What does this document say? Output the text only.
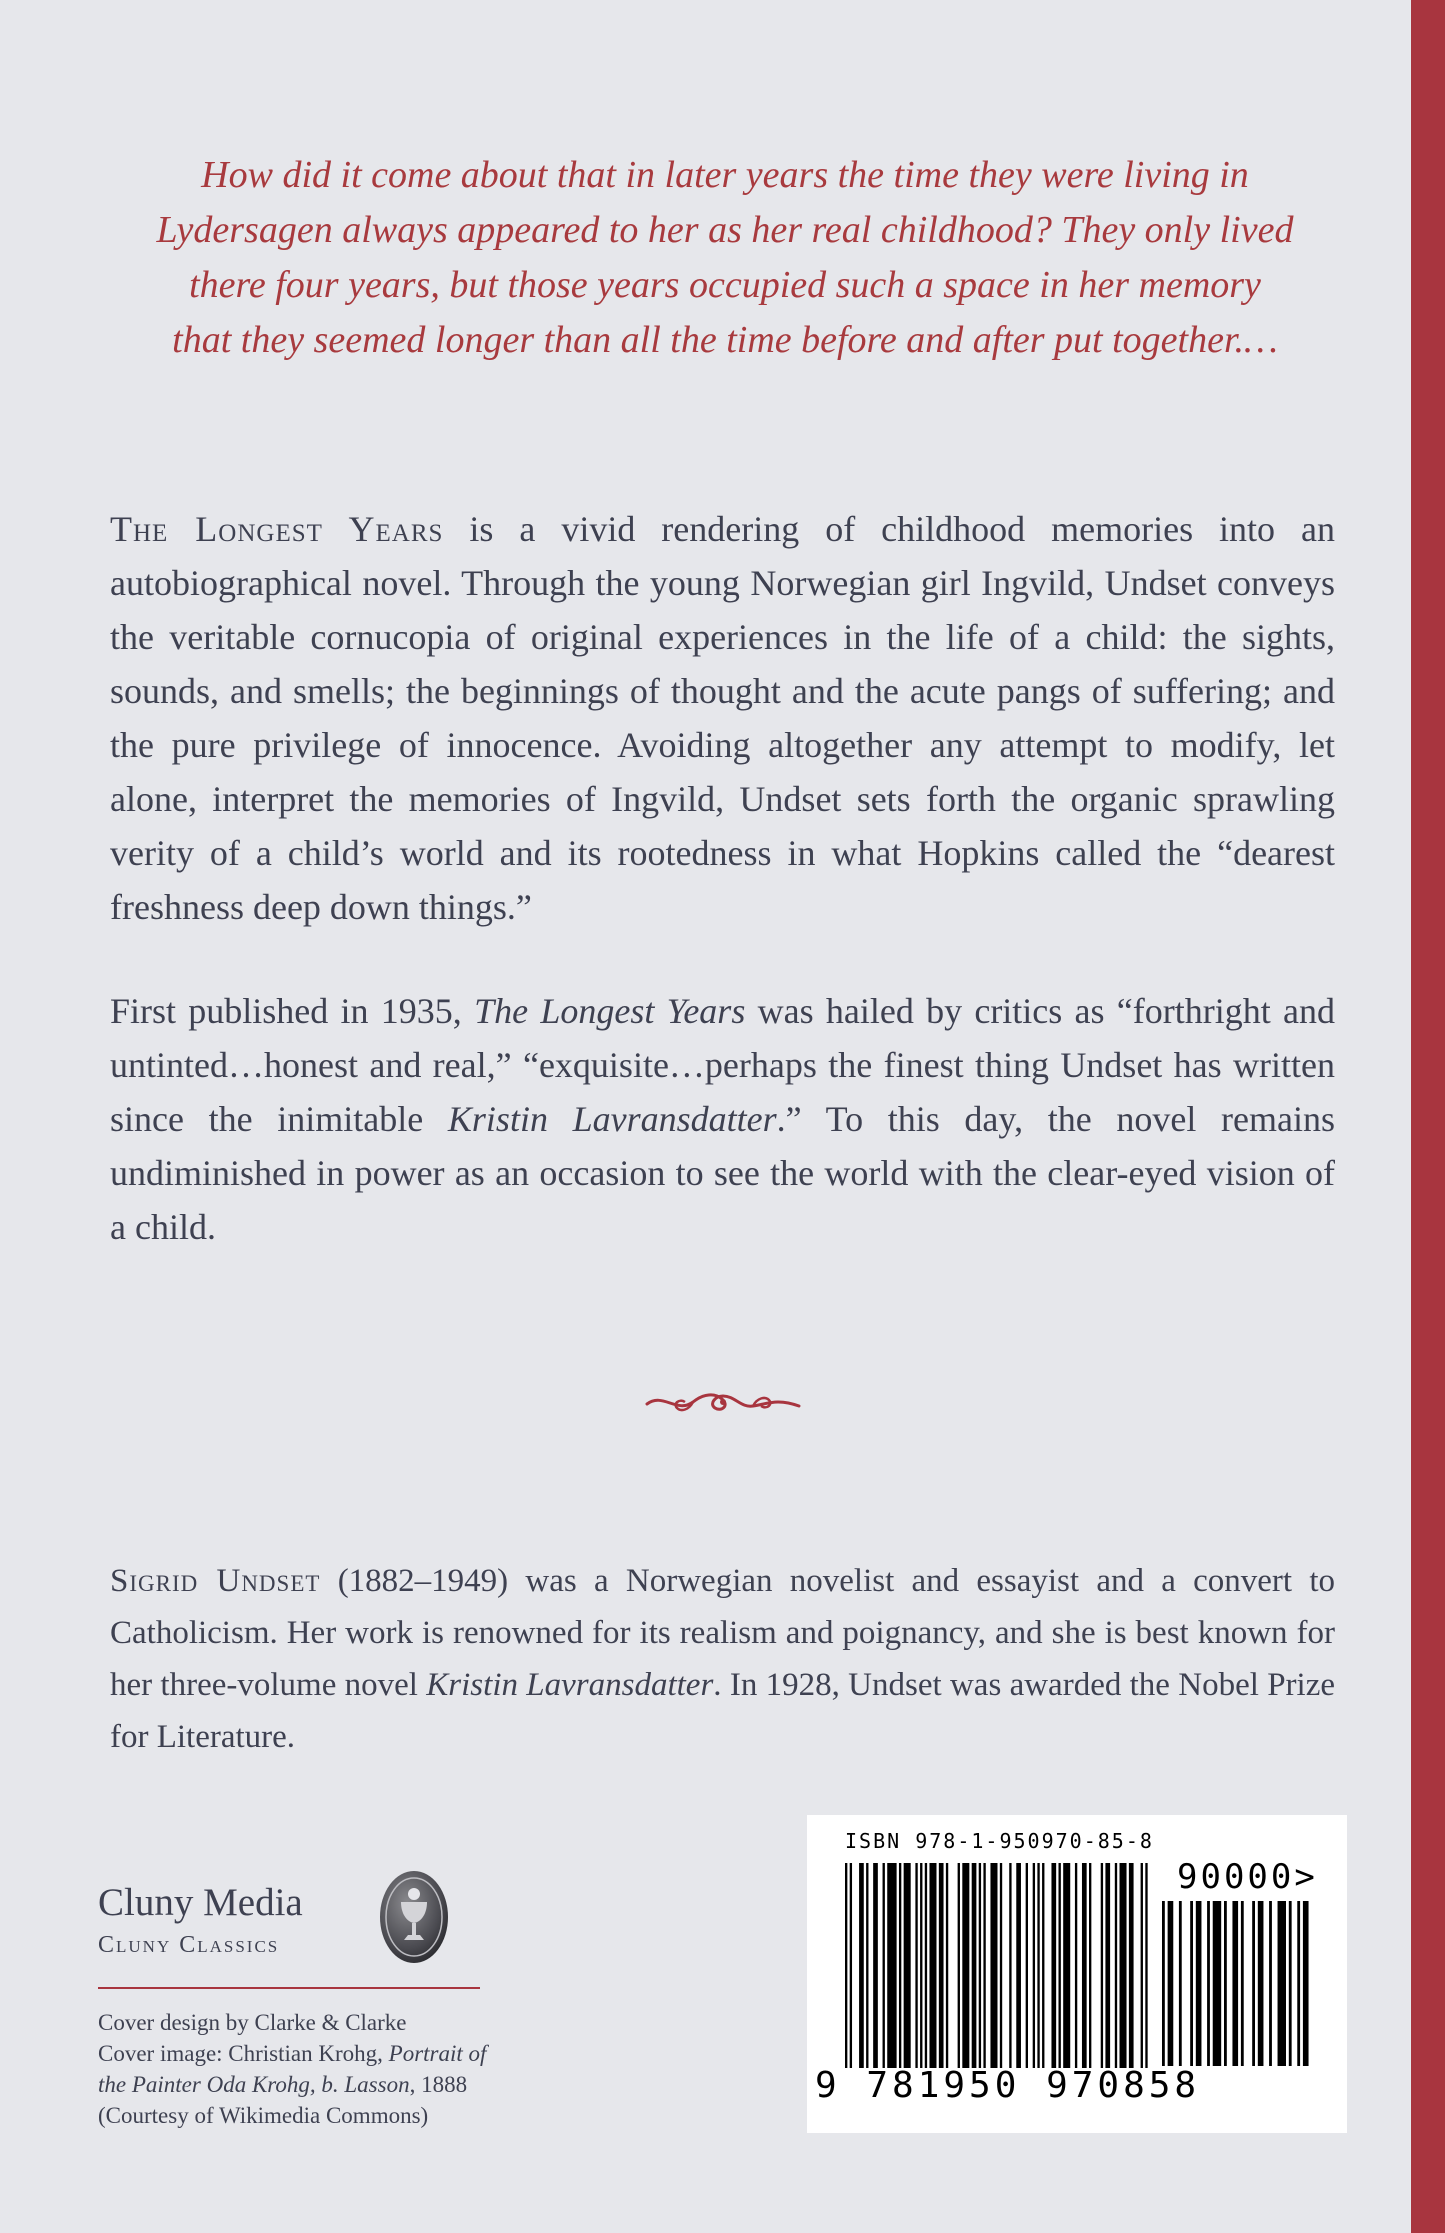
How did it come about that in later years the time they were living in
Lydersagen always appeared to her as her real childhood? They only lived
there four years, but those years occupied such a space in her memory
that they seemed longer than all the time before and after put together.…

The Longest Years is a vivid rendering of childhood memories into an autobiographical novel. Through the young Norwegian girl Ingvild, Undset conveys the veritable cornucopia of original experiences in the life of a child: the sights, sounds, and smells; the beginnings of thought and the acute pangs of suffering; and the pure privilege of innocence. Avoiding altogether any attempt to modify, let alone, interpret the memories of Ingvild, Undset sets forth the organic sprawling verity of a child’s world and its rootedness in what Hopkins called the “dearest freshness deep down things.”

First published in 1935, The Longest Years was hailed by critics as “forthright and untinted…honest and real,” “exquisite…perhaps the finest thing Undset has written since the inimitable Kristin Lavransdatter.” To this day, the novel remains undiminished in power as an occasion to see the world with the clear-eyed vision of a child.

Sigrid Undset (1882–1949) was a Norwegian novelist and essayist and a convert to Catholicism. Her work is renowned for its realism and poignancy, and she is best known for her three-volume novel Kristin Lavransdatter. In 1928, Undset was awarded the Nobel Prize for Literature.

Cluny Media
Cluny Classics
Cover design by Clarke & Clarke
Cover image: Christian Krohg, Portrait of
the Painter Oda Krohg, b. Lasson, 1888
(Courtesy of Wikimedia Commons)
ISBN 978-1-950970-85-8
90000>
9 781950 970858
